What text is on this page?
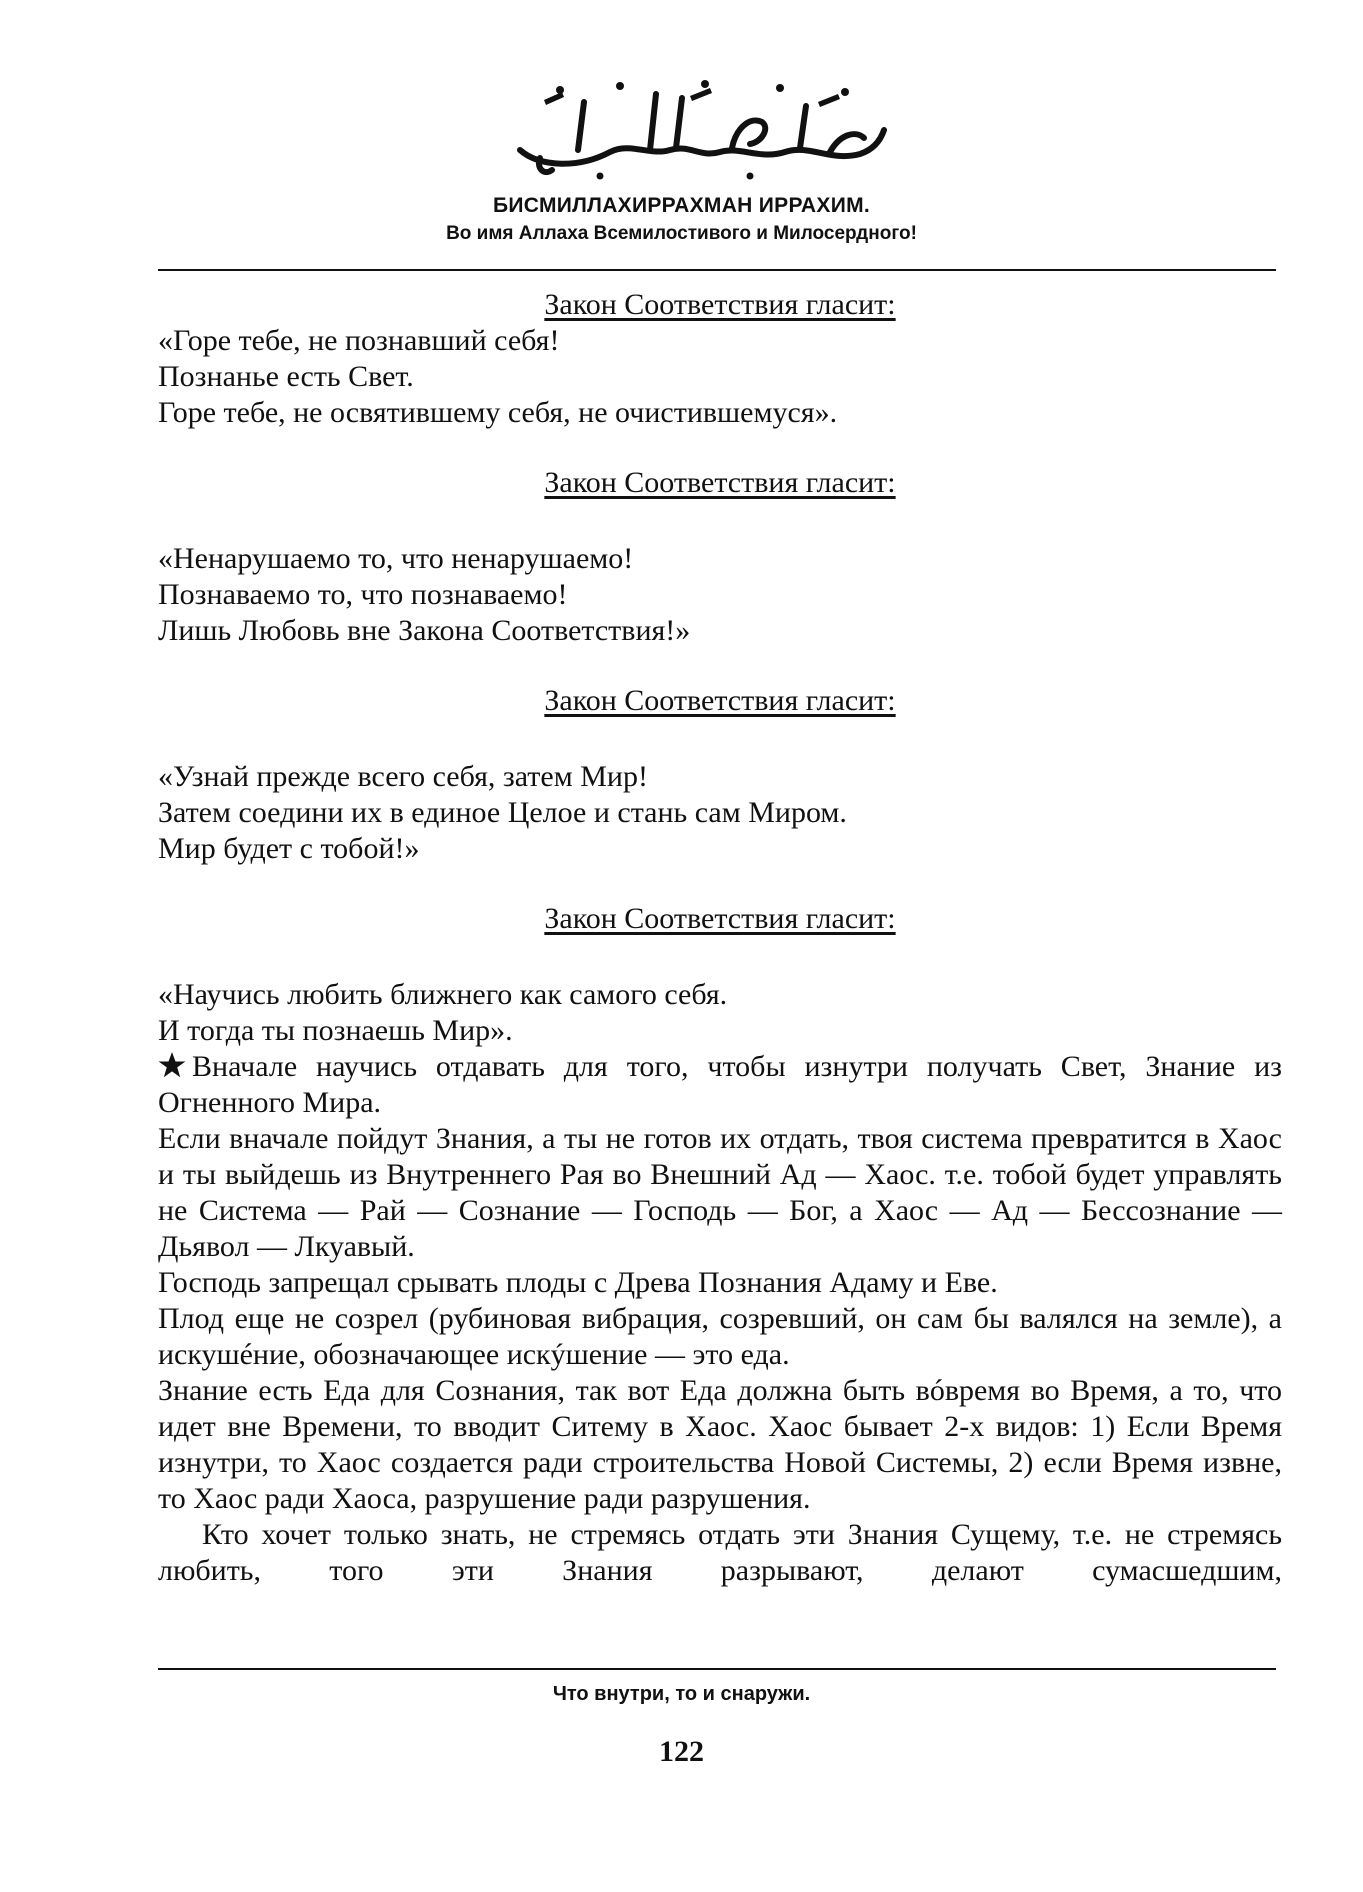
بِسْمِ ٱللَّٰهِ ٱلرَّحْمَٰنِ ٱلرَّحِيمِ
БИСМИЛЛАХИРРАХМАН ИРРАХИМ.
Во имя Аллаха Всемилостивого и Милосердного!

Закон Соответствия гласит:

«Горе тебе, не познавший себя!

Познанье есть Свет.

Горе тебе, не освятившему себя, не очистившемуся».

Закон Соответствия гласит:

«Ненарушаемо то, что ненарушаемо!

Познаваемо то, что познаваемо!

Лишь Любовь вне Закона Соответствия!»

Закон Соответствия гласит:

«Узнай прежде всего себя, затем Мир!

Затем соедини их в единое Целое и стань сам Миром.

Мир будет с тобой!»

Закон Соответствия гласит:

«Научись любить ближнего как самого себя.

И тогда ты познаешь Мир».

Вначале научись отдавать для того, чтобы изнутри получать Свет, Знание из Огненного Мира.

Если вначале пойдут Знания, а ты не готов их отдать, твоя система превратится в Хаос и ты выйдешь из Внутреннего Рая во Внешний Ад — Хаос. т.е. тобой будет управлять не Система — Рай — Сознание — Господь — Бог, а Хаос — Ад — Бессознание — Дьявол — Лкуавый.

Господь запрещал срывать плоды с Древа Познания Адаму и Еве.

Плод еще не созрел (рубиновая вибрация, созревший, он сам бы валялся на земле), а искушéние, обозначающее искýшение — это еда.

Знание есть Еда для Сознания, так вот Еда должна быть вóвремя во Время, а то, что идет вне Времени, то вводит Ситему в Хаос. Хаос бывает 2-х видов: 1) Если Время изнутри, то Хаос создается ради строительства Новой Системы, 2) если Время извне, то Хаос ради Хаоса, разрушение ради разрушения.

Кто хочет только знать, не стремясь отдать эти Знания Сущему, т.е. не стремясь любить, того эти Знания разрывают, делают сумасшедшим,

Что внутри, то и снаружи.
122
